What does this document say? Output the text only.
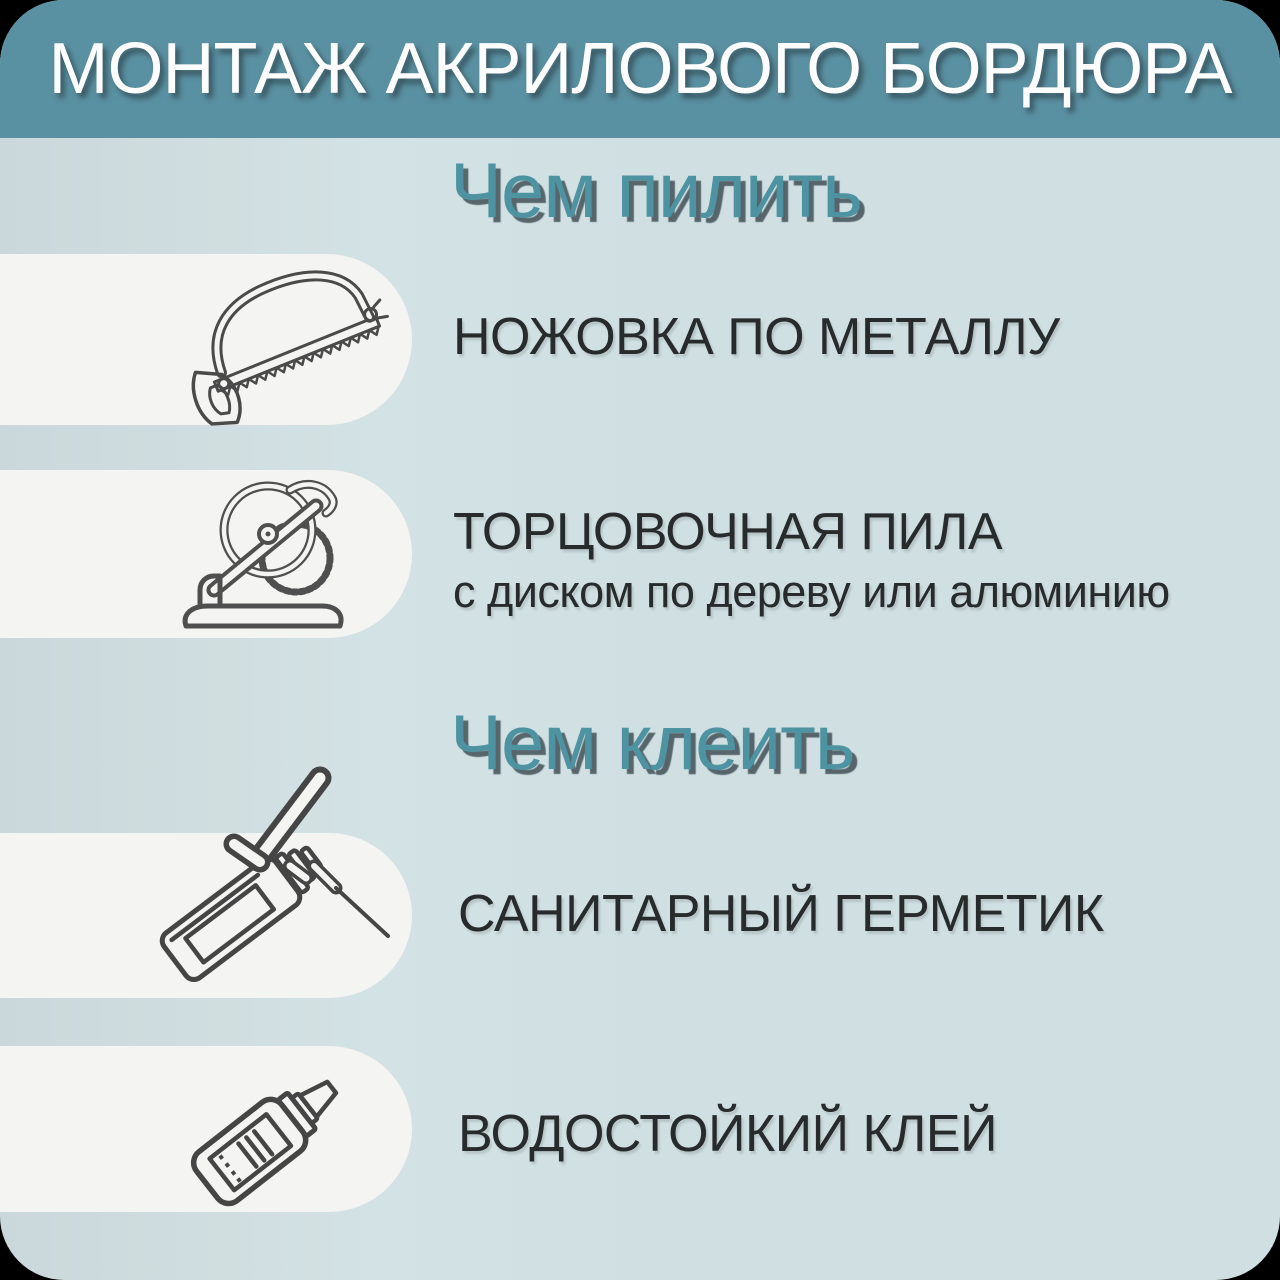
МОНТАЖ АКРИЛОВОГО БОРДЮРА
Чем пилить
НОЖОВКА ПО МЕТАЛЛУ
ТОРЦОВОЧНАЯ ПИЛА
с диском по дереву или алюминию
Чем клеить
САНИТАРНЫЙ ГЕРМЕТИК
ВОДОСТОЙКИЙ КЛЕЙ
